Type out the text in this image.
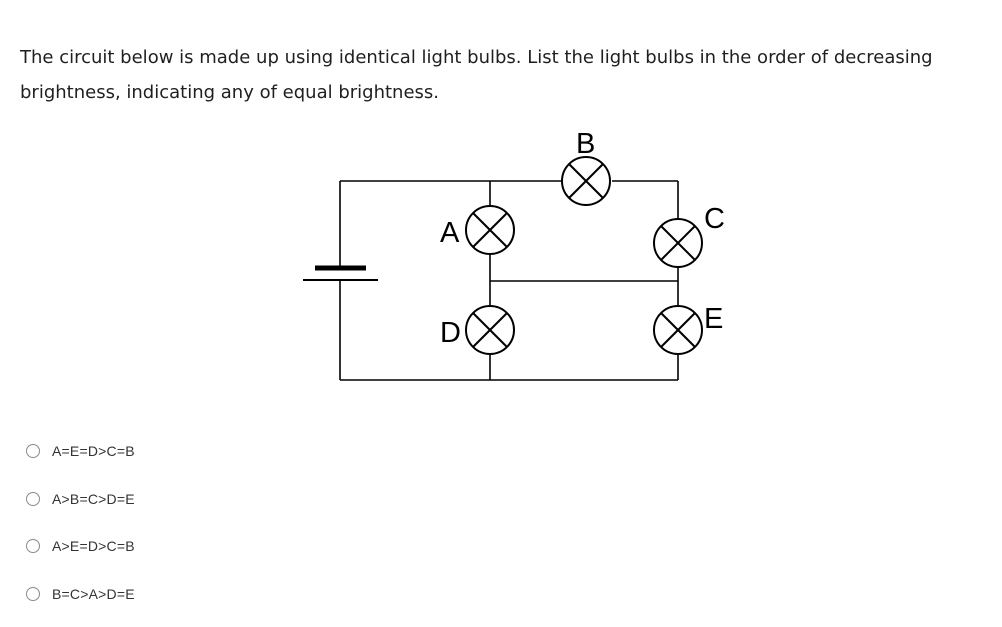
The circuit below is made up using identical light bulbs. List the light bulbs in the order of decreasing brightness, indicating any of equal brightness.

B
A	C
D	E
A=E=D>C=B
A>B=C>D=E
A>E=D>C=B
B=C>A>D=E
